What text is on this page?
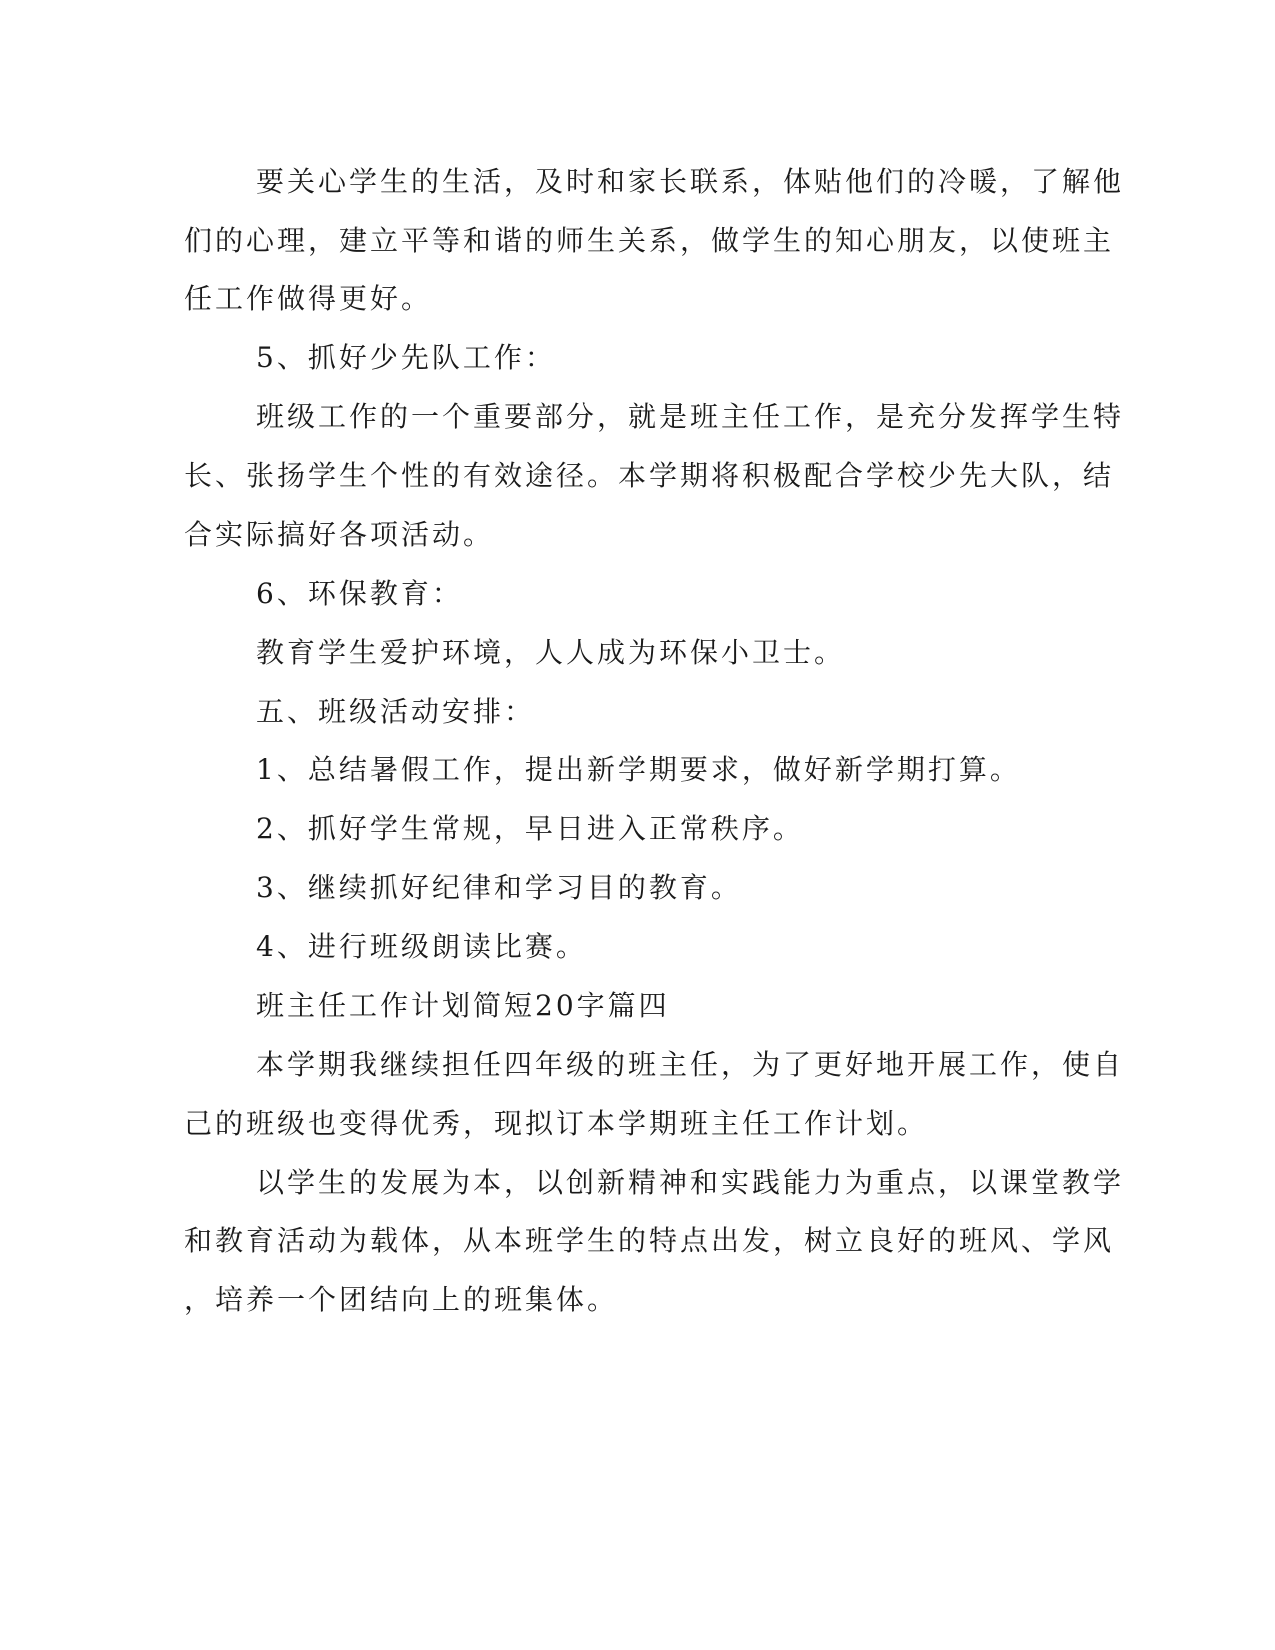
要关心学生的生活，及时和家长联系，体贴他们的冷暖，了解他
们的心理，建立平等和谐的师生关系，做学生的知心朋友，以使班主
任工作做得更好。
5、抓好少先队工作：
班级工作的一个重要部分，就是班主任工作，是充分发挥学生特
长、张扬学生个性的有效途径。本学期将积极配合学校少先大队，结
合实际搞好各项活动。
6、环保教育：
教育学生爱护环境，人人成为环保小卫士。
五、班级活动安排：
1、总结暑假工作，提出新学期要求，做好新学期打算。
2、抓好学生常规，早日进入正常秩序。
3、继续抓好纪律和学习目的教育。
4、进行班级朗读比赛。
班主任工作计划简短20字篇四
本学期我继续担任四年级的班主任，为了更好地开展工作，使自
己的班级也变得优秀，现拟订本学期班主任工作计划。
以学生的发展为本，以创新精神和实践能力为重点，以课堂教学
和教育活动为载体，从本班学生的特点出发，树立良好的班风、学风
，培养一个团结向上的班集体。
